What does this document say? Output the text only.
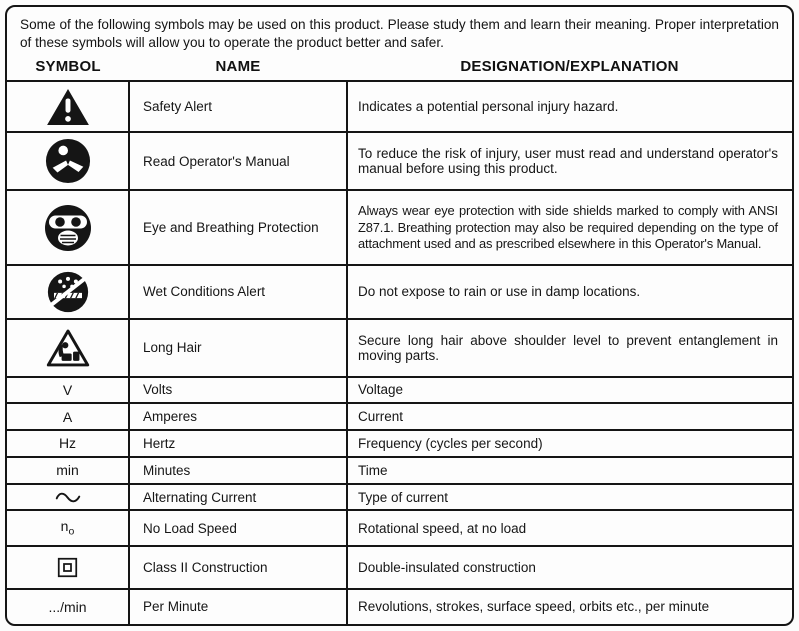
Some of the following symbols may be used on this product. Please study them and learn their meaning. Proper interpretation of these symbols will allow you to operate the product better and safer.

SYMBOL	NAME	DESIGNATION/EXPLANATION
	Safety Alert	Indicates a potential personal injury hazard.

	Read Operator's Manual	To reduce the risk of injury, user must read and understand operator's manual before using this product.

	Eye and Breathing Protection	Always wear eye protection with side shields marked to comply with ANSI Z87.1. Breathing protection may also be required depending on the type of attachment used and as prescribed elsewhere in this Operator's Manual.

	Wet Conditions Alert	Do not expose to rain or use in damp locations.

	Long Hair	Secure long hair above shoulder level to prevent entanglement in moving parts.
V	Volts	Voltage
A	Amperes	Current
Hz	Hertz	Frequency (cycles per second)
min	Minutes	Time

	Alternating Current	Type of current
$n_o$	No Load Speed	Rotational speed, at no load

	Class II Construction	Double-insulated construction
.../min	Per Minute	Revolutions, strokes, surface speed, orbits etc., per minute
